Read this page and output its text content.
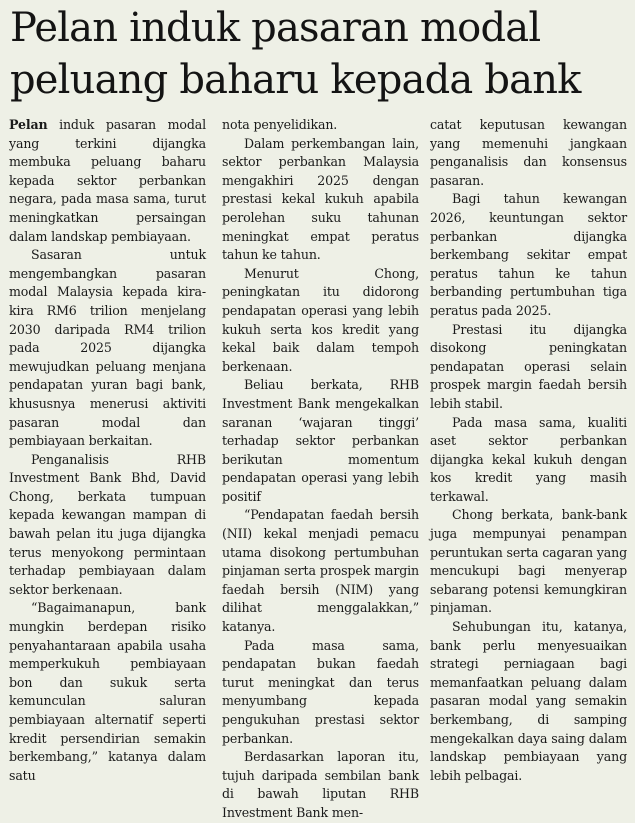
Pelan induk pasaran modal peluang baharu kepada bank

Pelan induk pasaran modal yang terkini dijangka membuka peluang baharu kepada sektor perbankan negara, pada masa sama, turut meningkatkan persaingan dalam landskap pembiayaan.

Sasaran untuk mengembangkan pasaran modal Malaysia kepada kira-kira RM6 trilion menjelang 2030 daripada RM4 trilion pada 2025 dijangka mewujudkan peluang menjana pendapatan yuran bagi bank, khususnya menerusi aktiviti pasaran modal dan pembiayaan berkaitan.

Penganalisis RHB Investment Bank Bhd, David Chong, berkata tumpuan kepada kewangan mampan di bawah pelan itu juga dijangka terus menyokong permintaan terhadap pembiayaan dalam sektor berkenaan.

“Bagaimanapun, bank mungkin berdepan risiko penyahantaraan apabila usaha memperkukuh pembiayaan bon dan sukuk serta kemunculan saluran pembiayaan alternatif seperti kredit persendirian semakin berkembang,” katanya dalam satu

nota penyelidikan.

Dalam perkembangan lain, sektor perbankan Malaysia mengakhiri 2025 dengan prestasi kekal kukuh apabila perolehan suku tahunan meningkat empat peratus tahun ke tahun.

Menurut Chong, peningkatan itu didorong pendapatan operasi yang lebih kukuh serta kos kredit yang kekal baik dalam tempoh berkenaan.

Beliau berkata, RHB Investment Bank mengekalkan saranan ‘wajaran tinggi’ terhadap sektor perbankan berikutan momentum pendapatan operasi yang lebih positif

“Pendapatan faedah bersih (NII) kekal menjadi pemacu utama disokong pertumbuhan pinjaman serta prospek margin faedah bersih (NIM) yang dilihat menggalakkan,” katanya.

Pada masa sama, pendapatan bukan faedah turut meningkat dan terus menyumbang kepada pengukuhan prestasi sektor perbankan.

Berdasarkan laporan itu, tujuh daripada sembilan bank di bawah liputan RHB Investment Bank men-

catat keputusan kewangan yang memenuhi jangkaan penganalisis dan konsensus pasaran.

Bagi tahun kewangan 2026, keuntungan sektor perbankan dijangka berkembang sekitar empat peratus tahun ke tahun berbanding pertumbuhan tiga peratus pada 2025.

Prestasi itu dijangka disokong peningkatan pendapatan operasi selain prospek margin faedah bersih lebih stabil.

Pada masa sama, kualiti aset sektor perbankan dijangka kekal kukuh dengan kos kredit yang masih terkawal.

Chong berkata, bank-bank juga mempunyai penampan peruntukan serta cagaran yang mencukupi bagi menyerap sebarang potensi kemungkiran pinjaman.

Sehubungan itu, katanya, bank perlu menyesuaikan strategi perniagaan bagi memanfaatkan peluang dalam pasaran modal yang semakin berkembang, di samping mengekalkan daya saing dalam landskap pembiayaan yang lebih pelbagai.
